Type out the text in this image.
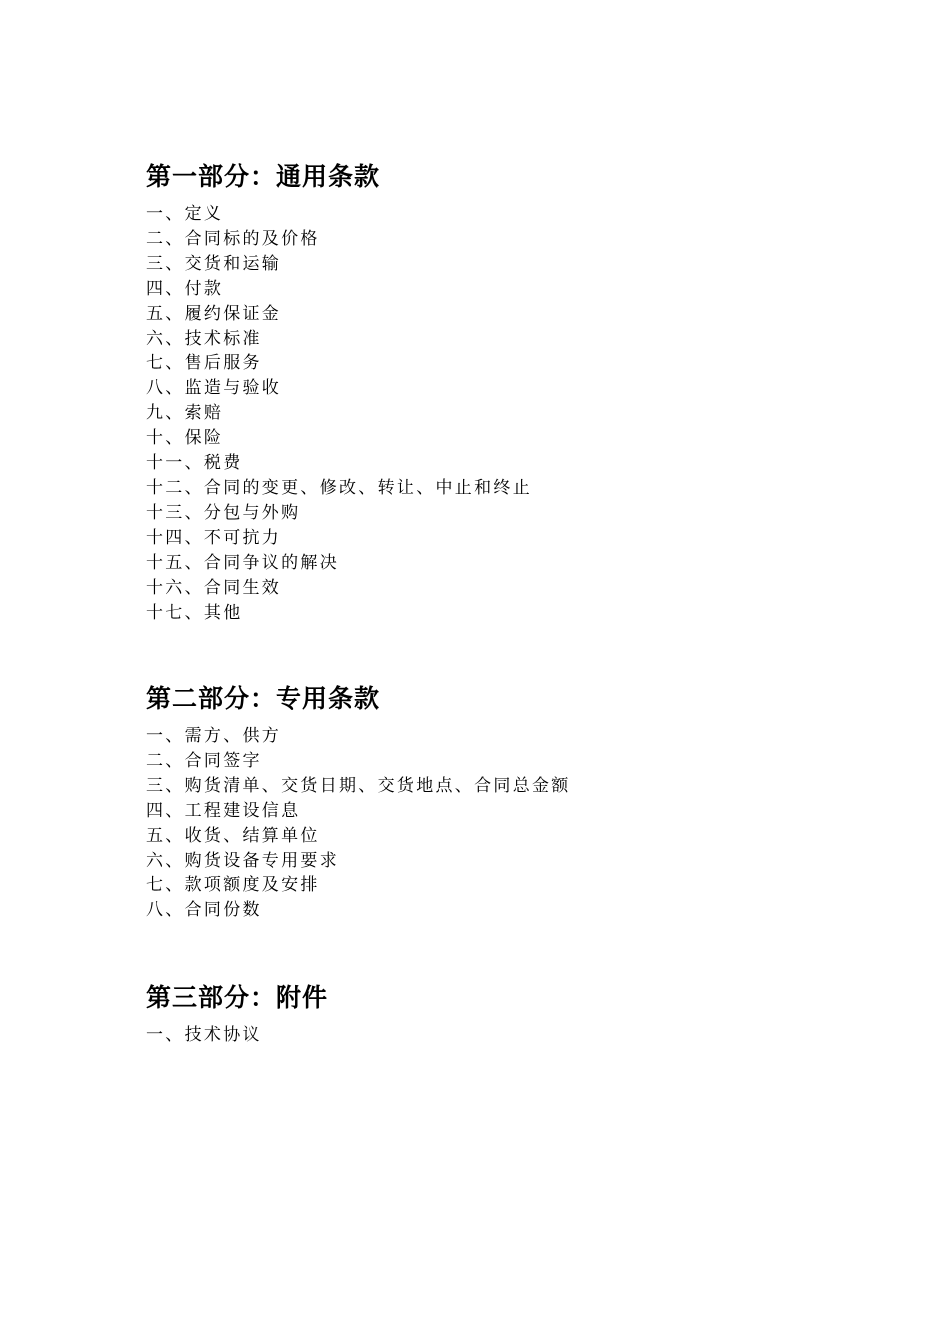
第一部分：通用条款
一、定义
二、合同标的及价格
三、交货和运输
四、付款
五、履约保证金
六、技术标准
七、售后服务
八、监造与验收
九、索赔
十、保险
十一、税费
十二、合同的变更、修改、转让、中止和终止
十三、分包与外购
十四、不可抗力
十五、合同争议的解决
十六、合同生效
十七、其他
第二部分：专用条款
一、需方、供方
二、合同签字
三、购货清单、交货日期、交货地点、合同总金额
四、工程建设信息
五、收货、结算单位
六、购货设备专用要求
七、款项额度及安排
八、合同份数
第三部分：附件
一、技术协议
